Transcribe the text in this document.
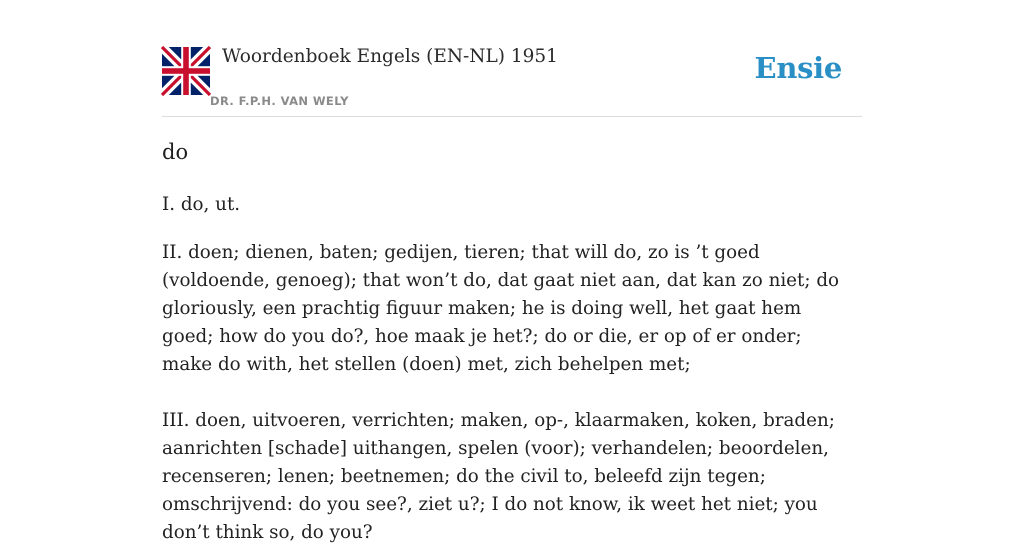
Woordenboek Engels (EN-NL) 1951
DR. F.P.H. VAN WELY
Ensie
do

I. do, ut.

II. doen; dienen, baten; gedijen, tieren; that will do, zo is ’t goed (voldoende, genoeg); that won’t do, dat gaat niet aan, dat kan zo niet; do gloriously, een prachtig figuur maken; he is doing well, het gaat hem goed; how do you do?, hoe maak je het?; do or die, er op of er onder; make do with, het stellen (doen) met, zich behelpen met;

III. doen, uitvoeren, verrichten; maken, op-, klaarmaken, koken, braden; aanrichten [schade] uithangen, spelen (voor); verhandelen; beoordelen, recenseren; lenen; beetnemen; do the civil to, beleefd zijn tegen; omschrijvend: do you see?, ziet u?; I do not know, ik weet het niet; you don’t think so, do you?
